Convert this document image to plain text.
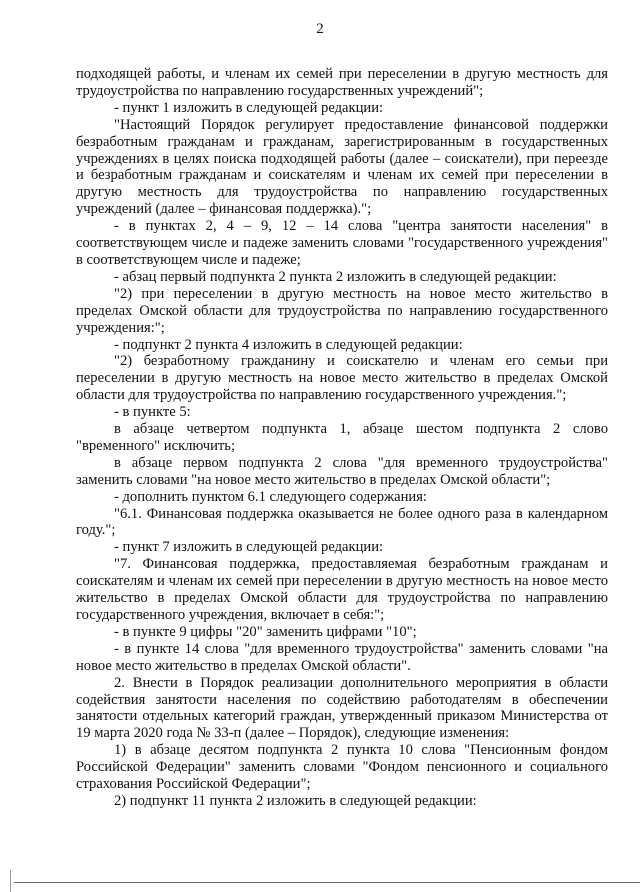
2

подходящей работы, и членам их семей при переселении в другую местность для трудоустройства по направлению государственных учреждений";

- пункт 1 изложить в следующей редакции:

"Настоящий Порядок регулирует предоставление финансовой поддержки безработным гражданам и гражданам, зарегистрированным в государственных учреждениях в целях поиска подходящей работы (далее – соискатели), при переезде и безработным гражданам и соискателям и членам их семей при переселении в другую местность для трудоустройства по направлению государственных учреждений (далее – финансовая поддержка).";

- в пунктах 2, 4 – 9, 12 – 14 слова "центра занятости населения" в соответствующем числе и падеже заменить словами "государственного учреждения" в соответствующем числе и падеже;

- абзац первый подпункта 2 пункта 2 изложить в следующей редакции:

"2) при переселении в другую местность на новое место жительство в пределах Омской области для трудоустройства по направлению государственного учреждения:";

- подпункт 2 пункта 4 изложить в следующей редакции:

"2) безработному гражданину и соискателю и членам его семьи при переселении в другую местность на новое место жительство в пределах Омской области для трудоустройства по направлению государственного учреждения.";

- в пункте 5:

в абзаце четвертом подпункта 1, абзаце шестом подпункта 2 слово "временного" исключить;

в абзаце первом подпункта 2 слова "для временного трудоустройства" заменить словами "на новое место жительство в пределах Омской области";

- дополнить пунктом 6.1 следующего содержания:

"6.1. Финансовая поддержка оказывается не более одного раза в календарном году.";

- пункт 7 изложить в следующей редакции:

"7. Финансовая поддержка, предоставляемая безработным гражданам и соискателям и членам их семей при переселении в другую местность на новое место жительство в пределах Омской области для трудоустройства по направлению государственного учреждения, включает в себя:";

- в пункте 9 цифры "20" заменить цифрами "10";

- в пункте 14 слова "для временного трудоустройства" заменить словами "на новое место жительство в пределах Омской области".

2. Внести в Порядок реализации дополнительного мероприятия в области содействия занятости населения по содействию работодателям в обеспечении занятости отдельных категорий граждан, утвержденный приказом Министерства от 19 марта 2020 года № 33-п (далее – Порядок), следующие изменения:

1) в абзаце десятом подпункта 2 пункта 10 слова "Пенсионным фондом Российской Федерации" заменить словами "Фондом пенсионного и социального страхования Российской Федерации";

2) подпункт 11 пункта 2 изложить в следующей редакции:
